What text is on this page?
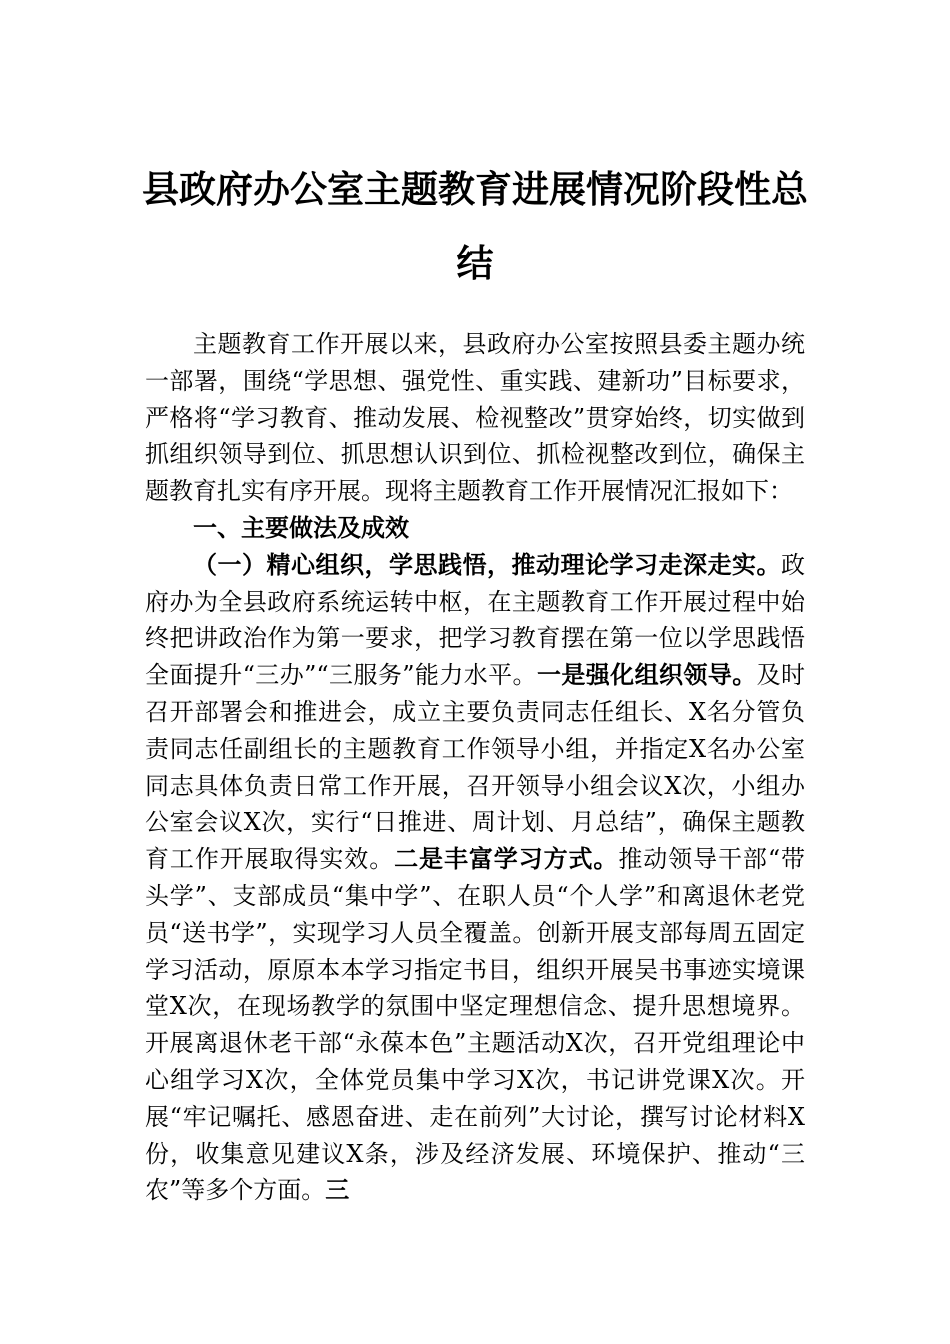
县政府办公室主题教育进展情况阶段性总
结

主题教育工作开展以来，县政府办公室按照县委主题办统一部署，围绕“学思想、强党性、重实践、建新功”目标要求，严格将“学习教育、推动发展、检视整改”贯穿始终，切实做到抓组织领导到位、抓思想认识到位、抓检视整改到位，确保主题教育扎实有序开展。现将主题教育工作开展情况汇报如下：

一、主要做法及成效

（一）精心组织，学思践悟，推动理论学习走深走实。政府办为全县政府系统运转中枢，在主题教育工作开展过程中始终把讲政治作为第一要求，把学习教育摆在第一位以学思践悟全面提升“三办”“三服务”能力水平。一是强化组织领导。及时召开部署会和推进会，成立主要负责同志任组长、X名分管负责同志任副组长的主题教育工作领导小组，并指定X名办公室同志具体负责日常工作开展，召开领导小组会议X次，小组办公室会议X次，实行“日推进、周计划、月总结”，确保主题教育工作开展取得实效。二是丰富学习方式。推动领导干部“带头学”、支部成员“集中学”、在职人员“个人学”和离退休老党员“送书学”，实现学习人员全覆盖。创新开展支部每周五固定学习活动，原原本本学习指定书目，组织开展吴书事迹实境课堂X次，在现场教学的氛围中坚定理想信念、提升思想境界。开展离退休老干部“永葆本色”主题活动X次，召开党组理论中心组学习X次，全体党员集中学习X次，书记讲党课X次。开展“牢记嘱托、感恩奋进、走在前列”大讨论，撰写讨论材料X份，收集意见建议X条，涉及经济发展、环境保护、推动“三农”等多个方面。三
